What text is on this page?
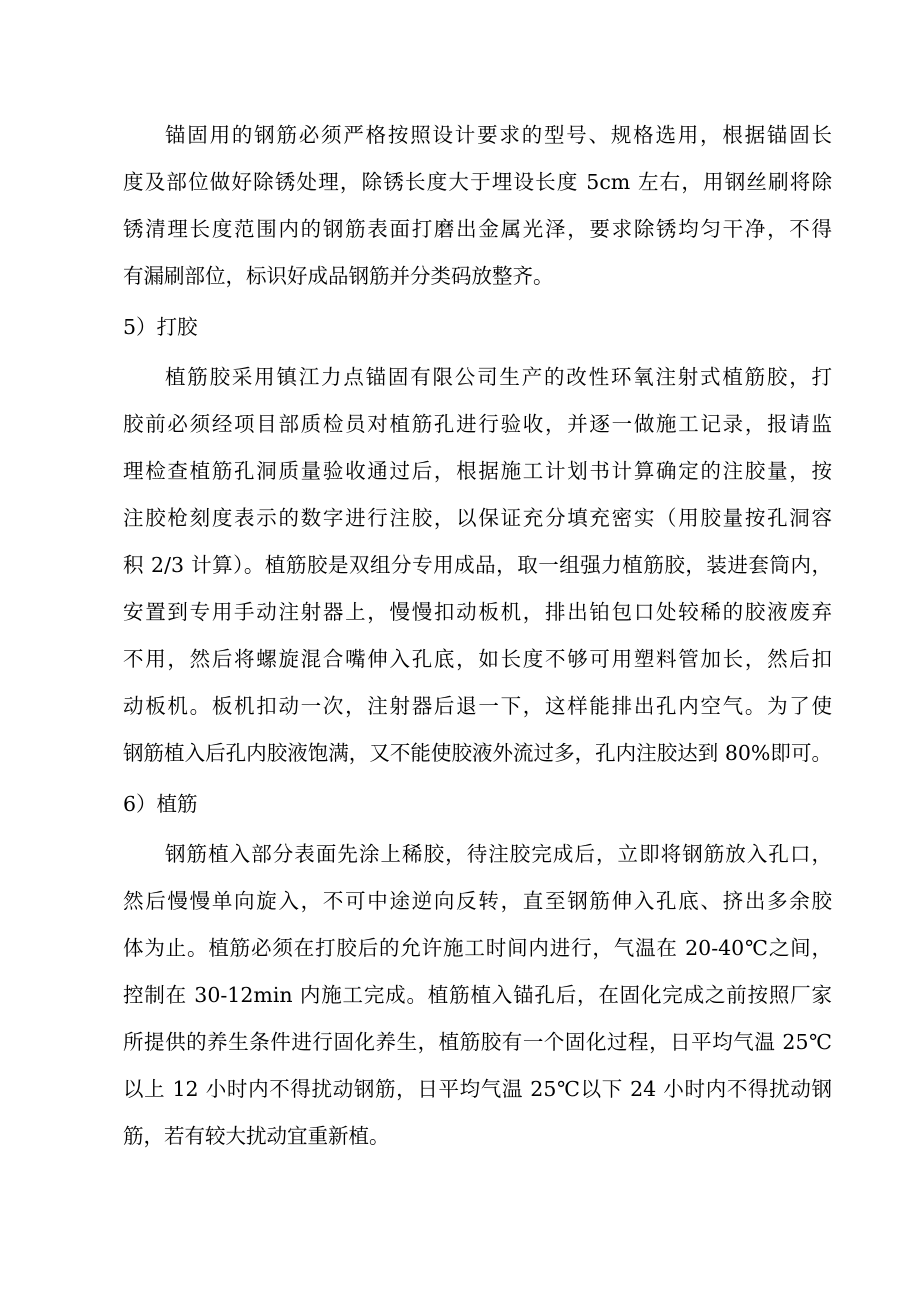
锚固用的钢筋必须严格按照设计要求的型号、规格选用，根据锚固长
度及部位做好除锈处理，除锈长度大于埋设长度 5cm 左右，用钢丝刷将除
锈清理长度范围内的钢筋表面打磨出金属光泽，要求除锈均匀干净，不得
有漏刷部位，标识好成品钢筋并分类码放整齐。
5）打胶
植筋胶采用镇江力点锚固有限公司生产的改性环氧注射式植筋胶，打
胶前必须经项目部质检员对植筋孔进行验收，并逐一做施工记录，报请监
理检查植筋孔洞质量验收通过后，根据施工计划书计算确定的注胶量，按
注胶枪刻度表示的数字进行注胶，以保证充分填充密实（用胶量按孔洞容
积 2/3 计算）。植筋胶是双组分专用成品，取一组强力植筋胶，装进套筒内，
安置到专用手动注射器上，慢慢扣动板机，排出铂包口处较稀的胶液废弃
不用，然后将螺旋混合嘴伸入孔底，如长度不够可用塑料管加长，然后扣
动板机。板机扣动一次，注射器后退一下，这样能排出孔内空气。为了使
钢筋植入后孔内胶液饱满，又不能使胶液外流过多，孔内注胶达到 80%即可。
6）植筋
钢筋植入部分表面先涂上稀胶，待注胶完成后，立即将钢筋放入孔口，
然后慢慢单向旋入，不可中途逆向反转，直至钢筋伸入孔底、挤出多余胶
体为止。植筋必须在打胶后的允许施工时间内进行，气温在 20-40℃之间，
控制在 30-12min 内施工完成。植筋植入锚孔后，在固化完成之前按照厂家
所提供的养生条件进行固化养生，植筋胶有一个固化过程，日平均气温 25℃
以上 12 小时内不得扰动钢筋，日平均气温 25℃以下 24 小时内不得扰动钢
筋，若有较大扰动宜重新植。
